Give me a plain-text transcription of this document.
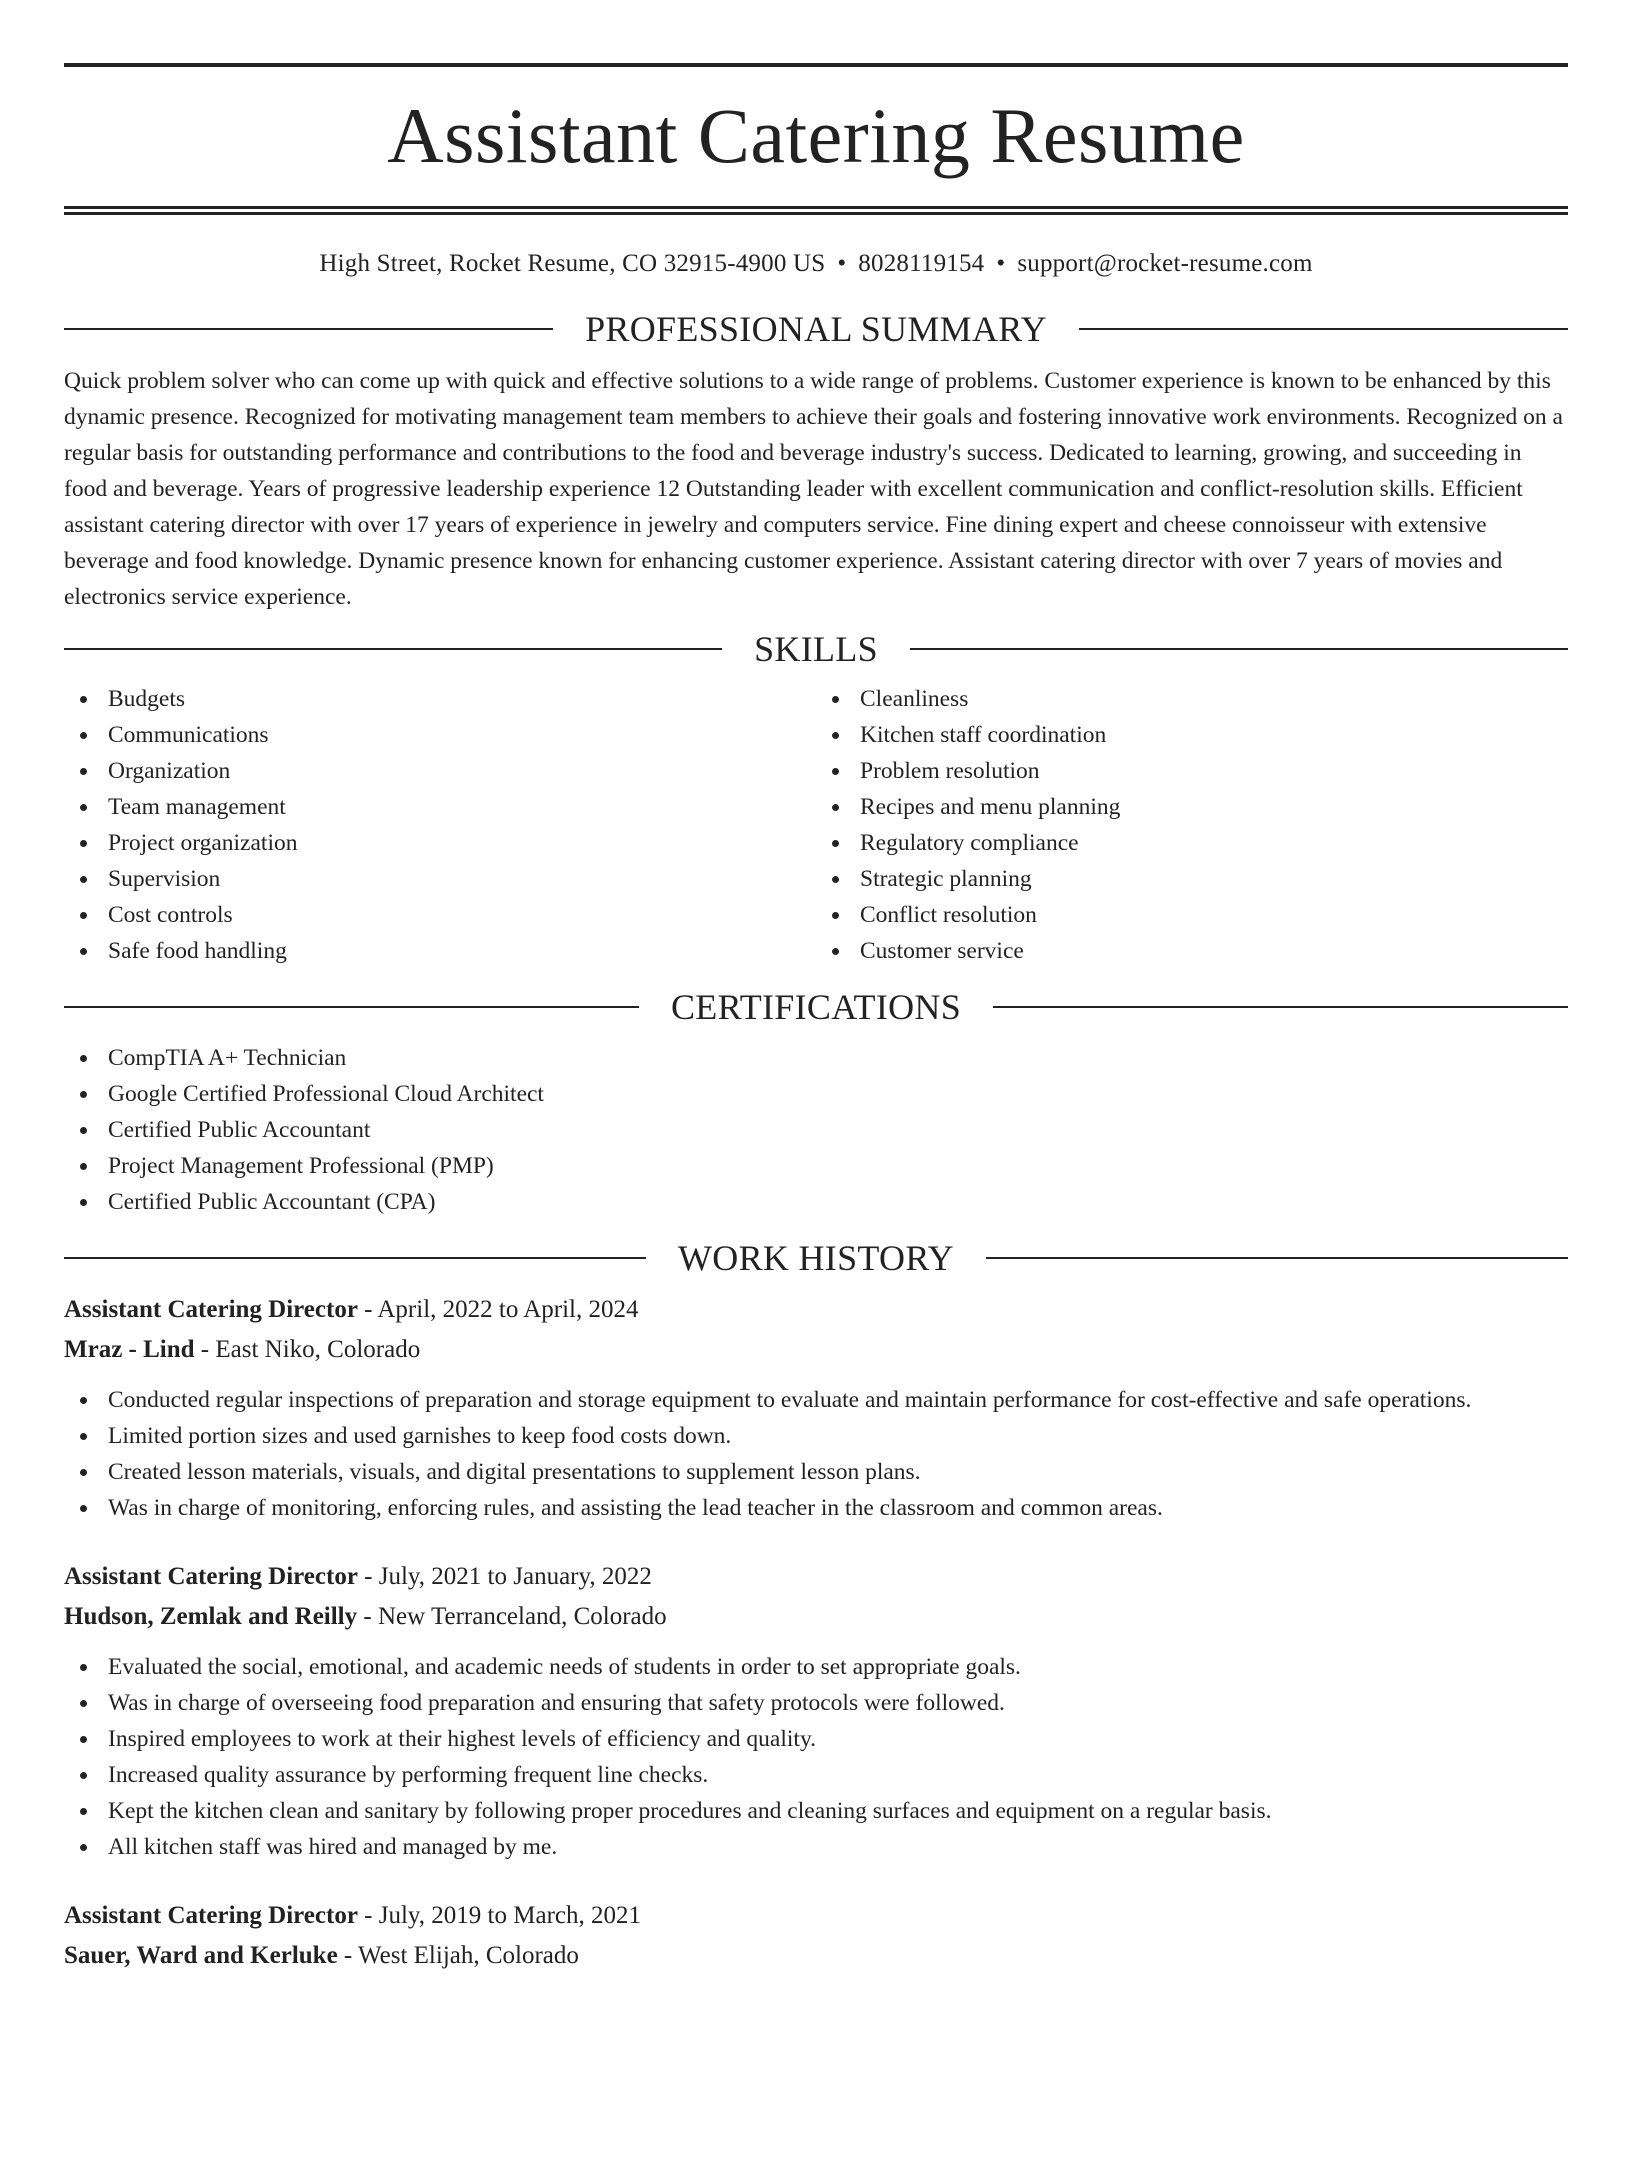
Assistant Catering Resume
High Street, Rocket Resume, CO 32915-4900 US • 8028119154 • support@rocket-resume.com
PROFESSIONAL SUMMARY

Quick problem solver who can come up with quick and effective solutions to a wide range of problems. Customer experience is known to be enhanced by this dynamic presence. Recognized for motivating management team members to achieve their goals and fostering innovative work environments. Recognized on a regular basis for outstanding performance and contributions to the food and beverage industry's success. Dedicated to learning, growing, and succeeding in food and beverage. Years of progressive leadership experience 12 Outstanding leader with excellent communication and conflict-resolution skills. Efficient assistant catering director with over 17 years of experience in jewelry and computers service. Fine dining expert and cheese connoisseur with extensive beverage and food knowledge. Dynamic presence known for enhancing customer experience. Assistant catering director with over 7 years of movies and electronics service experience.

SKILLS
Budgets
Communications
Organization
Team management
Project organization
Supervision
Cost controls
Safe food handling
Cleanliness
Kitchen staff coordination
Problem resolution
Recipes and menu planning
Regulatory compliance
Strategic planning
Conflict resolution
Customer service
CERTIFICATIONS
CompTIA A+ Technician
Google Certified Professional Cloud Architect
Certified Public Accountant
Project Management Professional (PMP)
Certified Public Accountant (CPA)
WORK HISTORY
Assistant Catering Director - April, 2022 to April, 2024
Mraz - Lind - East Niko, Colorado
Conducted regular inspections of preparation and storage equipment to evaluate and maintain performance for cost-effective and safe operations.
Limited portion sizes and used garnishes to keep food costs down.
Created lesson materials, visuals, and digital presentations to supplement lesson plans.
Was in charge of monitoring, enforcing rules, and assisting the lead teacher in the classroom and common areas.
Assistant Catering Director - July, 2021 to January, 2022
Hudson, Zemlak and Reilly - New Terranceland, Colorado
Evaluated the social, emotional, and academic needs of students in order to set appropriate goals.
Was in charge of overseeing food preparation and ensuring that safety protocols were followed.
Inspired employees to work at their highest levels of efficiency and quality.
Increased quality assurance by performing frequent line checks.
Kept the kitchen clean and sanitary by following proper procedures and cleaning surfaces and equipment on a regular basis.
All kitchen staff was hired and managed by me.
Assistant Catering Director - July, 2019 to March, 2021
Sauer, Ward and Kerluke - West Elijah, Colorado
